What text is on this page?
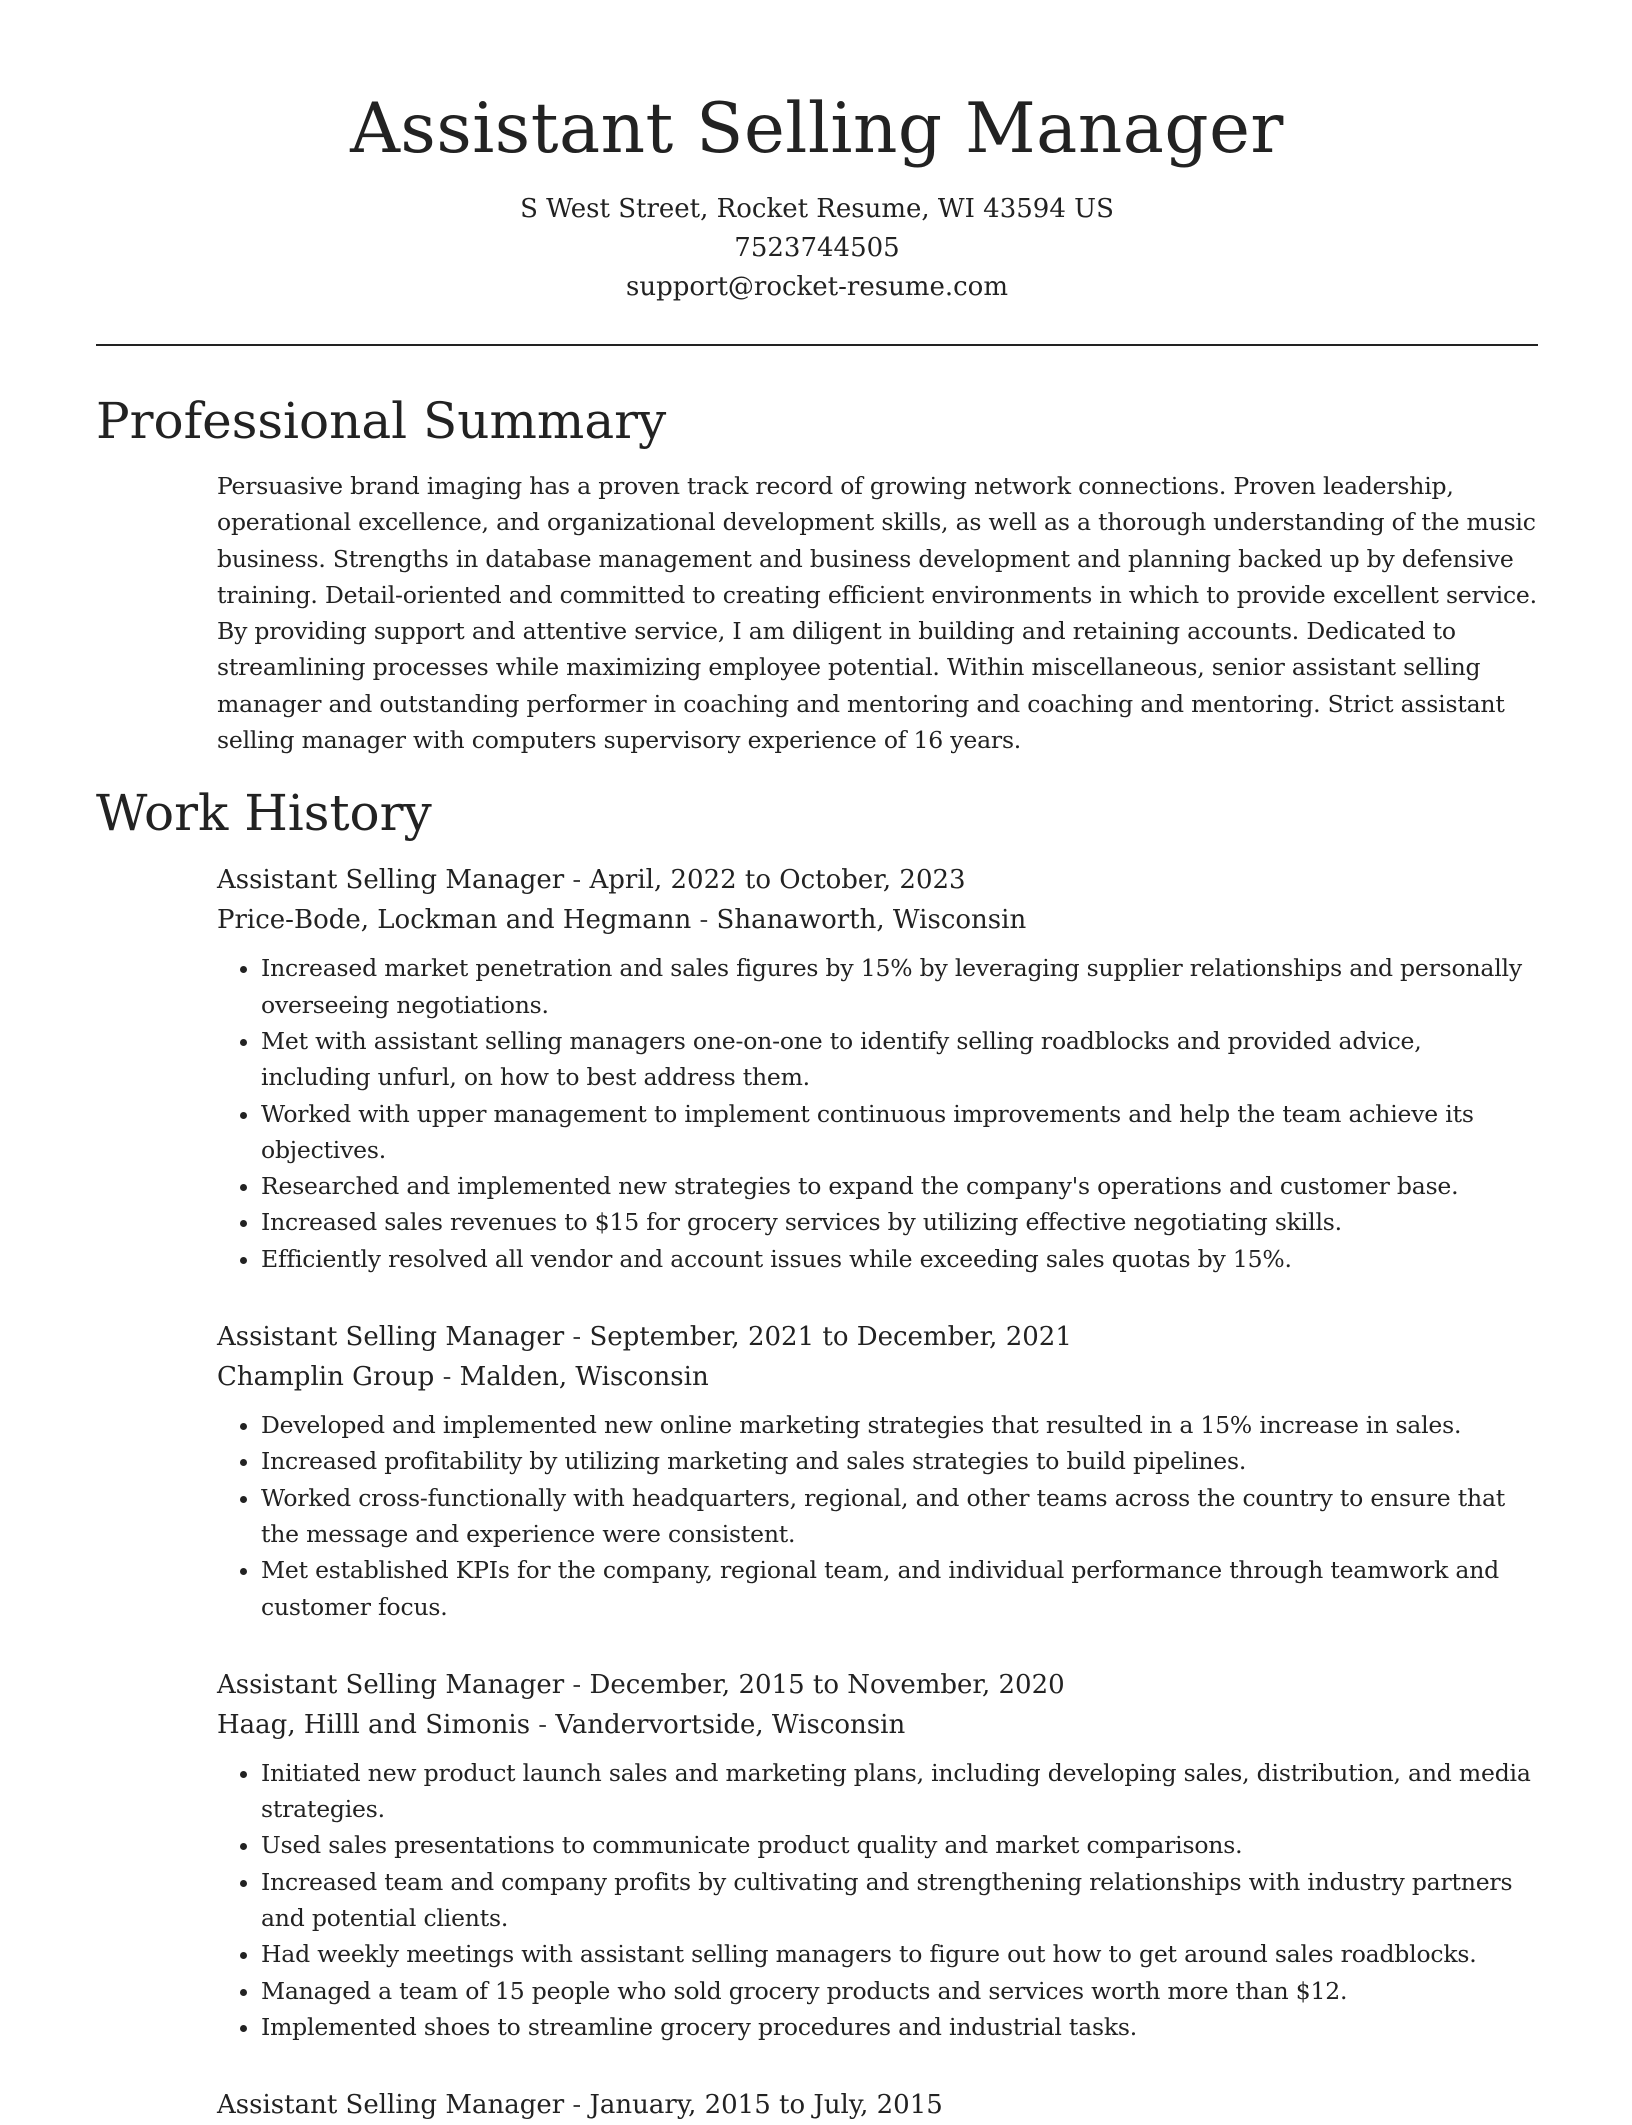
Assistant Selling Manager
S West Street, Rocket Resume, WI 43594 US
7523744505
support@rocket-resume.com
Professional Summary
Persuasive brand imaging has a proven track record of growing network connections. Proven leadership, operational excellence, and organizational development skills, as well as a thorough understanding of the music business. Strengths in database management and business development and planning backed up by defensive training. Detail-oriented and committed to creating efficient environments in which to provide excellent service. By providing support and attentive service, I am diligent in building and retaining accounts. Dedicated to streamlining processes while maximizing employee potential. Within miscellaneous, senior assistant selling manager and outstanding performer in coaching and mentoring and coaching and mentoring. Strict assistant selling manager with computers supervisory experience of 16 years.
Work History
Assistant Selling Manager - April, 2022 to October, 2023
Price-Bode, Lockman and Hegmann - Shanaworth, Wisconsin
• Increased market penetration and sales figures by 15% by leveraging supplier relationships and personally overseeing negotiations.
• Met with assistant selling managers one-on-one to identify selling roadblocks and provided advice, including unfurl, on how to best address them.
• Worked with upper management to implement continuous improvements and help the team achieve its objectives.
• Researched and implemented new strategies to expand the company's operations and customer base.
• Increased sales revenues to $15 for grocery services by utilizing effective negotiating skills.
• Efficiently resolved all vendor and account issues while exceeding sales quotas by 15%.
Assistant Selling Manager - September, 2021 to December, 2021
Champlin Group - Malden, Wisconsin
• Developed and implemented new online marketing strategies that resulted in a 15% increase in sales.
• Increased profitability by utilizing marketing and sales strategies to build pipelines.
• Worked cross-functionally with headquarters, regional, and other teams across the country to ensure that the message and experience were consistent.
• Met established KPIs for the company, regional team, and individual performance through teamwork and customer focus.
Assistant Selling Manager - December, 2015 to November, 2020
Haag, Hilll and Simonis - Vandervortside, Wisconsin
• Initiated new product launch sales and marketing plans, including developing sales, distribution, and media strategies.
• Used sales presentations to communicate product quality and market comparisons.
• Increased team and company profits by cultivating and strengthening relationships with industry partners and potential clients.
• Had weekly meetings with assistant selling managers to figure out how to get around sales roadblocks.
• Managed a team of 15 people who sold grocery products and services worth more than $12.
• Implemented shoes to streamline grocery procedures and industrial tasks.
Assistant Selling Manager - January, 2015 to July, 2015
